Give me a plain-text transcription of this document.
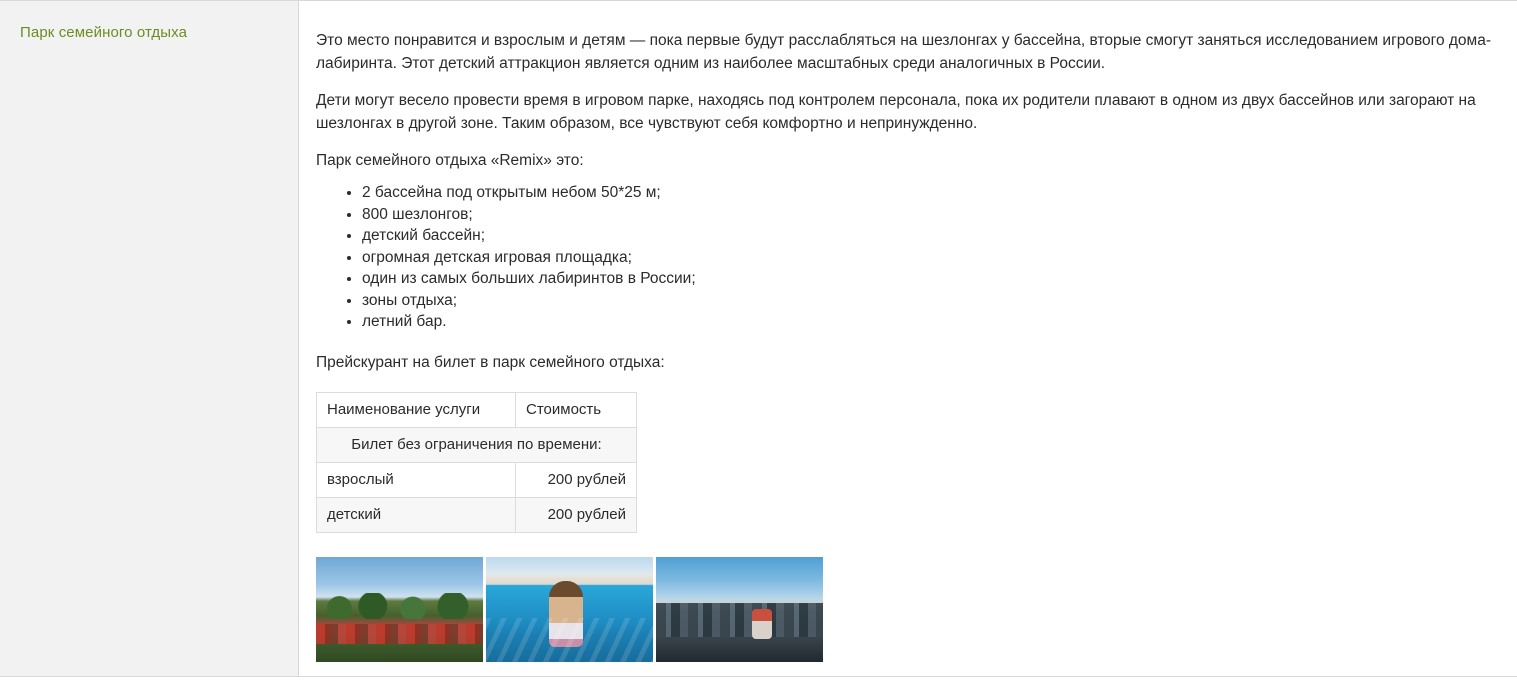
Парк семейного отдыха	Это место понравится и взрослым и детям — пока первые будут расслабляться на шезлонгах у бассейна, вторые смогут заняться исследованием игрового дома-лабиринта. Этот детский аттракцион является одним из наиболее масштабных среди аналогичных в России.

Дети могут весело провести время в игровом парке, находясь под контролем персонала, пока их родители плавают в одном из двух бассейнов или загорают на шезлонгах в другой зоне. Таким образом, все чувствуют себя комфортно и непринужденно.

Парк семейного отдыха «Remix» это:

• 2 бассейна под открытым небом 50*25 м;
• 800 шезлонгов;
• детский бассейн;
• огромная детская игровая площадка;
• один из самых больших лабиринтов в России;
• зоны отдыха;
• летний бар.

Прейскурант на билет в парк семейного отдыха:

Наименование услуги	Стоимость
Билет без ограничения по времени:	
взрослый	200 рублей
детский	200 рублей
